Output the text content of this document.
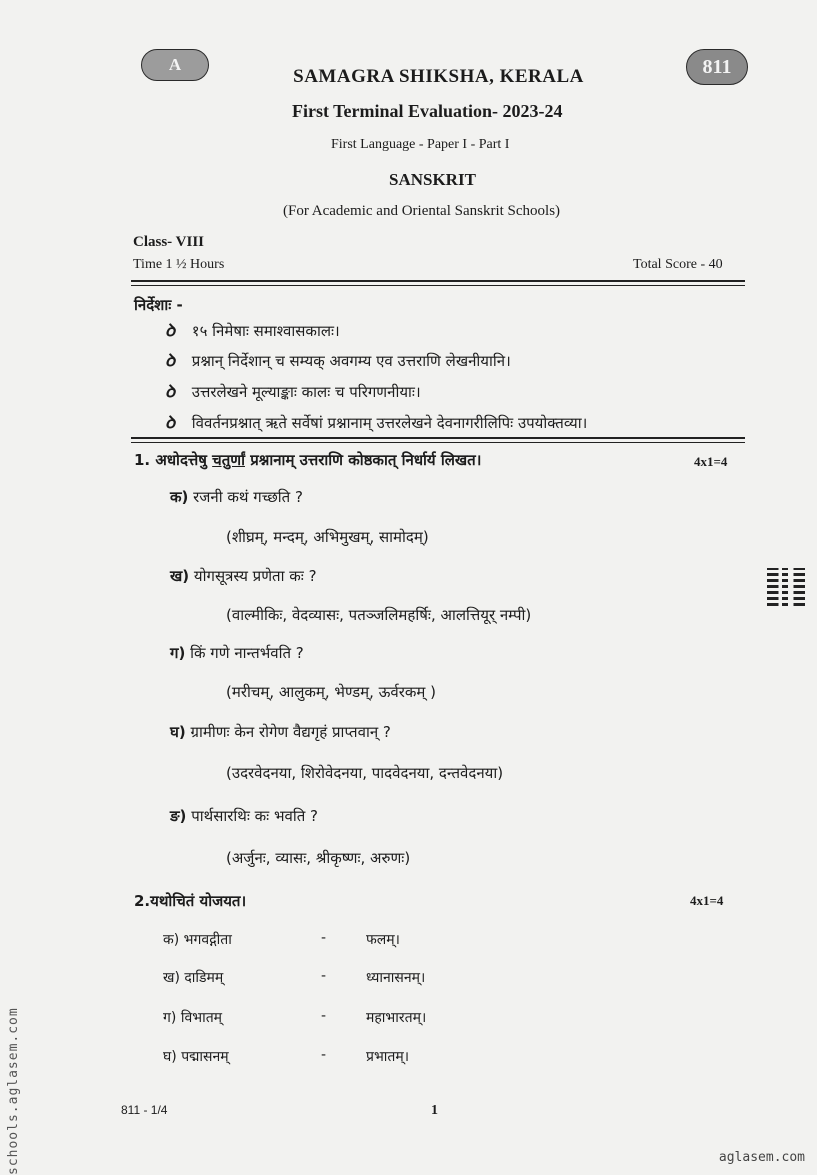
A	811
SAMAGRA SHIKSHA, KERALA
First Terminal Evaluation- 2023-24
First Language - Paper I - Part I
SANSKRIT
(For Academic and Oriental Sanskrit Schools)
Class- VIII
Time 1 ½ Hours	Total Score - 40
निर्देशाः -
ꝺ १५ निमेषाः समाश्वासकालः।
ꝺ प्रश्नान् निर्देशान् च सम्यक् अवगम्य एव उत्तराणि लेखनीयानि।
ꝺ उत्तरलेखने मूल्याङ्काः कालः च परिगणनीयाः।
ꝺ विवर्तनप्रश्नात् ऋते सर्वेषां प्रश्नानाम् उत्तरलेखने देवनागरीलिपिः उपयोक्तव्या।
1. अधोदत्तेषु चतुर्णां प्रश्नानाम् उत्तराणि कोष्ठकात् निर्धार्य लिखत।	4x1=4
क) रजनी कथं गच्छति ?
(शीघ्रम्, मन्दम्, अभिमुखम्, सामोदम्)
ख) योगसूत्रस्य प्रणेता कः ?
(वाल्मीकिः, वेदव्यासः, पतञ्जलिमहर्षिः, आलत्तियूर् नम्पी)
ग) किं गणे नान्तर्भवति ?
(मरीचम्, आलुकम्, भेण्डम्, ऊर्वरकम् )
घ) ग्रामीणः केन रोगेण वैद्यगृहं प्राप्तवान् ?
(उदरवेदनया, शिरोवेदनया, पादवेदनया, दन्तवेदनया)
ङ) पार्थसारथिः कः भवति ?
(अर्जुनः, व्यासः, श्रीकृष्णः, अरुणः)
2.यथोचितं योजयत।	4x1=4
क) भगवद्गीता	-	फलम्।
ख) दाडिमम्	-	ध्यानासनम्।
ग) विभातम्	-	महाभारतम्।
घ) पद्मासनम्	-	प्रभातम्।
811 - 1/4	1
schools.aglasem.com	aglasem.com
